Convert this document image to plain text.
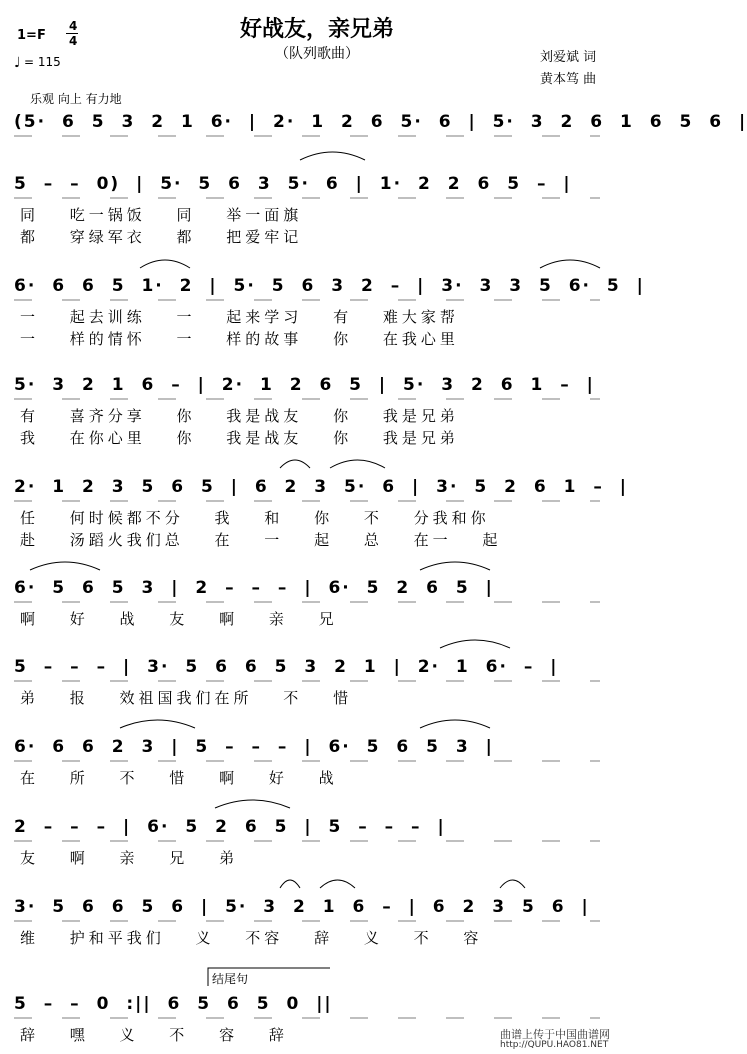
好战友，亲兄弟
（队列歌曲）
1=F
4
4
♩ = 115	刘爱斌 词
黄本笃 曲
乐观 向上 有力地
(5· 6 5 3 2 1 6· | 2· 1 2 6 5· 6 | 5· 3 2 6 1 6 5 6 |
5 – – 0) | 5· 5 6 3 5· 6 | 1· 2 2 6 5 – |
同 吃一锅饭 同 举一面旗
都 穿绿军衣 都 把爱牢记
6· 6 6 5 1· 2 | 5· 5 6 3 2 – | 3· 3 3 5 6· 5 |
一 起去训练 一 起来学习 有 难大家帮
一 样的情怀 一 样的故事 你 在我心里
5· 3 2 1 6 – | 2· 1 2 6 5 | 5· 3 2 6 1 – |
有 喜齐分享 你 我是战友 你 我是兄弟
我 在你心里 你 我是战友 你 我是兄弟
2· 1 2 3 5 6 5 | 6 2 3 5· 6 | 3· 5 2 6 1 – |
任 何时候都不分 我 和 你 不 分我和你
赴 汤蹈火我们总 在 一 起 总 在一 起
6· 5 6 5 3 | 2 – – – | 6· 5 2 6 5 |
啊 好 战 友 啊 亲 兄
5 – – – | 3· 5 6 6 5 3 2 1 | 2· 1 6· – |
弟 报 效祖国我们在所 不 惜
6· 6 6 2 3 | 5 – – – | 6· 5 6 5 3 |
在 所 不 惜 啊 好 战
2 – – – | 6· 5 2 6 5 | 5 – – – |
友 啊 亲 兄 弟
3· 5 6 6 5 6 | 5· 3 2 1 6 – | 6 2 3 5 6 |
维 护和平我们 义 不容 辞 义 不 容
5 – – 0 :|| 6 5 6 5 0 ||
辞 嘿 义 不 容 辞
结尾句
曲谱上传于中国曲谱网
http://QUPU.HAO81.NET
